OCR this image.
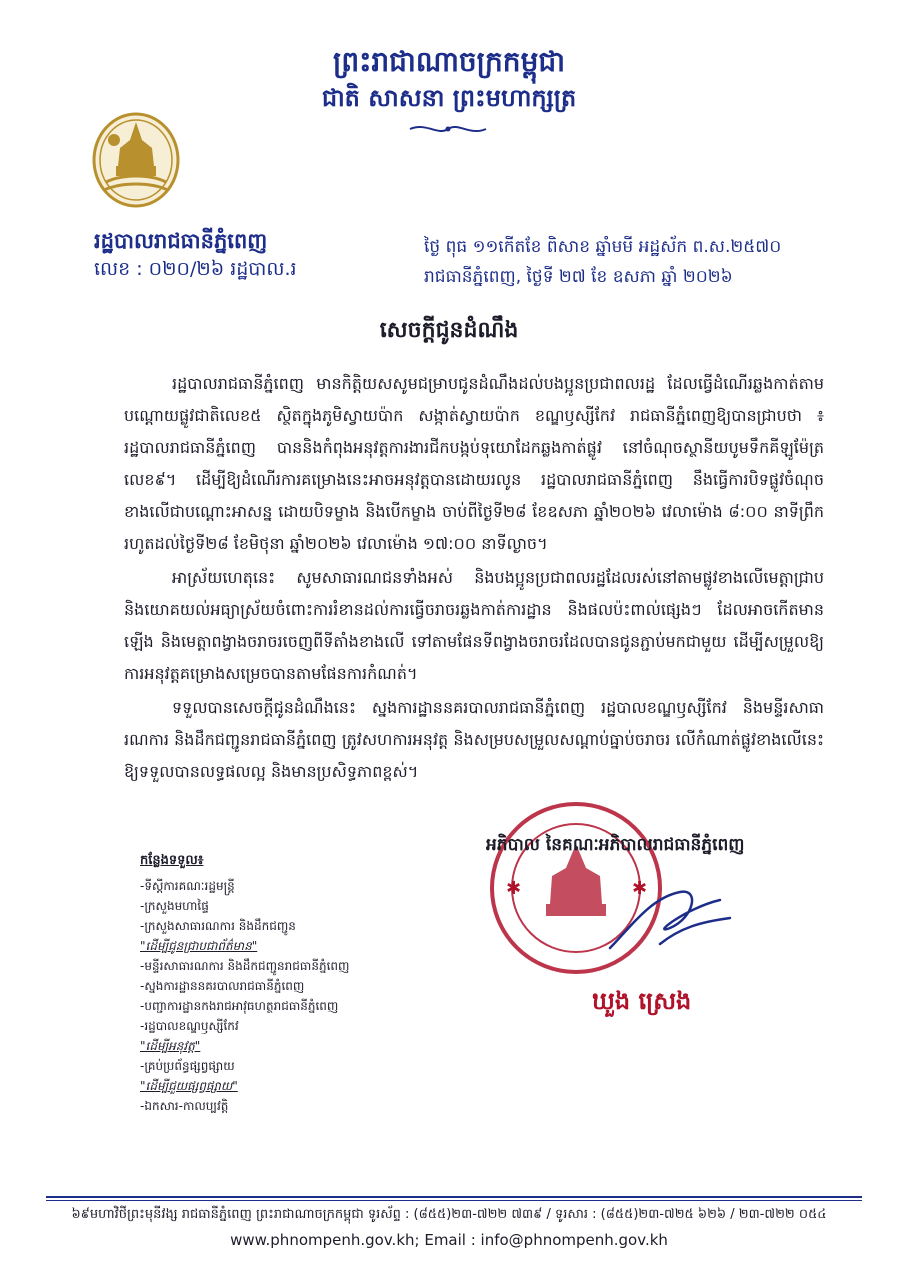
ព្រះរាជាណាចក្រកម្ពុជា
ជាតិ សាសនា ព្រះមហាក្សត្រ
រដ្ឋបាលរាជធានីភ្នំពេញ
លេខ : ០២០/២៦ រដ្ឋបាល.រ
ថ្ងៃ ពុធ ១១កើតខែ ពិសាខ ឆ្នាំមមី អដ្ឋស័ក ព.ស.២៥៧០
រាជធានីភ្នំពេញ, ថ្ងៃទី ២៧ ខែ ឧសភា ឆ្នាំ ២០២៦
សេចក្តីជូនដំណឹង

រដ្ឋបាលរាជធានីភ្នំពេញ មានកិត្តិយសសូមជម្រាបជូនដំណឹងដល់បងប្អូនប្រជាពលរដ្ឋ ដែលធ្វើដំណើរឆ្លងកាត់តាមបណ្តោយផ្លូវជាតិលេខ៥ ស្ថិតក្នុងភូមិស្វាយប៉ាក សង្កាត់ស្វាយប៉ាក ខណ្ឌឫស្សីកែវ រាជធានីភ្នំពេញឱ្យបានជ្រាបថា ៖ រដ្ឋបាលរាជធានីភ្នំពេញ បាននិងកំពុងអនុវត្តការងារជីកបង្កប់ទុយោដែកឆ្លងកាត់ផ្លូវ នៅចំណុចស្ថានីយបូមទឹកគីឡូម៉ែត្រលេខ៩។ ដើម្បីឱ្យដំណើរការគម្រោងនេះអាចអនុវត្តបានដោយរលូន រដ្ឋបាលរាជធានីភ្នំពេញ នឹងធ្វើការបិទផ្លូវចំណុចខាងលើជាបណ្តោះអាសន្ន ដោយបិទម្ខាង និងបើកម្ខាង ចាប់ពីថ្ងៃទី២៨ ខែឧសភា ឆ្នាំ២០២៦ វេលាម៉ោង ៨:០០ នាទីព្រឹក រហូតដល់ថ្ងៃទី២៨ ខែមិថុនា ឆ្នាំ២០២៦ វេលាម៉ោង ១៧:០០ នាទីល្ងាច។

អាស្រ័យហេតុនេះ សូមសាធារណជនទាំងអស់ និងបងប្អូនប្រជាពលរដ្ឋដែលរស់នៅតាមផ្លូវខាងលើមេត្តាជ្រាប និងយោគយល់អធ្យាស្រ័យចំពោះការរំខានដល់ការធ្វើចរាចរឆ្លងកាត់ការដ្ឋាន និងផលប៉ះពាល់ផ្សេងៗ ដែលអាចកើតមានឡើង និងមេត្តាពង្វាងចរាចរចេញពីទីតាំងខាងលើ ទៅតាមផែនទីពង្វាងចរាចរដែលបានជូនភ្ជាប់មកជាមួយ ដើម្បីសម្រួលឱ្យការអនុវត្តគម្រោងសម្រេចបានតាមផែនការកំណត់។

ទទួលបានសេចក្តីជូនដំណឹងនេះ ស្នងការដ្ឋាននគរបាលរាជធានីភ្នំពេញ រដ្ឋបាលខណ្ឌឫស្សីកែវ និងមន្ទីរសាធារណការ និងដឹកជញ្ជូនរាជធានីភ្នំពេញ ត្រូវសហការអនុវត្ត និងសម្របសម្រួលសណ្តាប់ធ្នាប់ចរាចរ លើកំណាត់ផ្លូវខាងលើនេះឱ្យទទួលបានលទ្ធផលល្អ និងមានប្រសិទ្ធភាពខ្ពស់។

✱	✱
អភិបាល នៃគណៈអភិបាលរាជធានីភ្នំពេញ
ឃួង ស្រេង
កន្លែងទទួល៖
-ទីស្តីការគណៈរដ្ឋមន្ត្រី
-ក្រសួងមហាផ្ទៃ
-ក្រសួងសាធារណការ និងដឹកជញ្ជូន
"ដើម្បីជូនជ្រាបជាព័ត៌មាន"
-មន្ទីរសាធារណការ និងដឹកជញ្ជូនរាជធានីភ្នំពេញ
-ស្នងការដ្ឋាននគរបាលរាជធានីភ្នំពេញ
-បញ្ជាការដ្ឋានកងរាជអាវុធហត្ថរាជធានីភ្នំពេញ
-រដ្ឋបាលខណ្ឌឫស្សីកែវ
"ដើម្បីអនុវត្ត"
-គ្រប់ប្រព័ន្ធផ្សព្វផ្សាយ
"ដើម្បីជួយផ្សព្វផ្សាយ"
-ឯកសារ-កាលប្បវត្តិ
៦៩មហាវិថីព្រះមុនីវង្ស រាជធានីភ្នំពេញ ព្រះរាជាណាចក្រកម្ពុជា ទូរស័ព្ទ : (៨៥៥)២៣-៧២២ ៧៣៩ / ទូរសារ : (៨៥៥)២៣-៧២៥ ៦២៦ / ២៣-៧២២ ០៥៤
www.phnompenh.gov.kh; Email : info@phnompenh.gov.kh
